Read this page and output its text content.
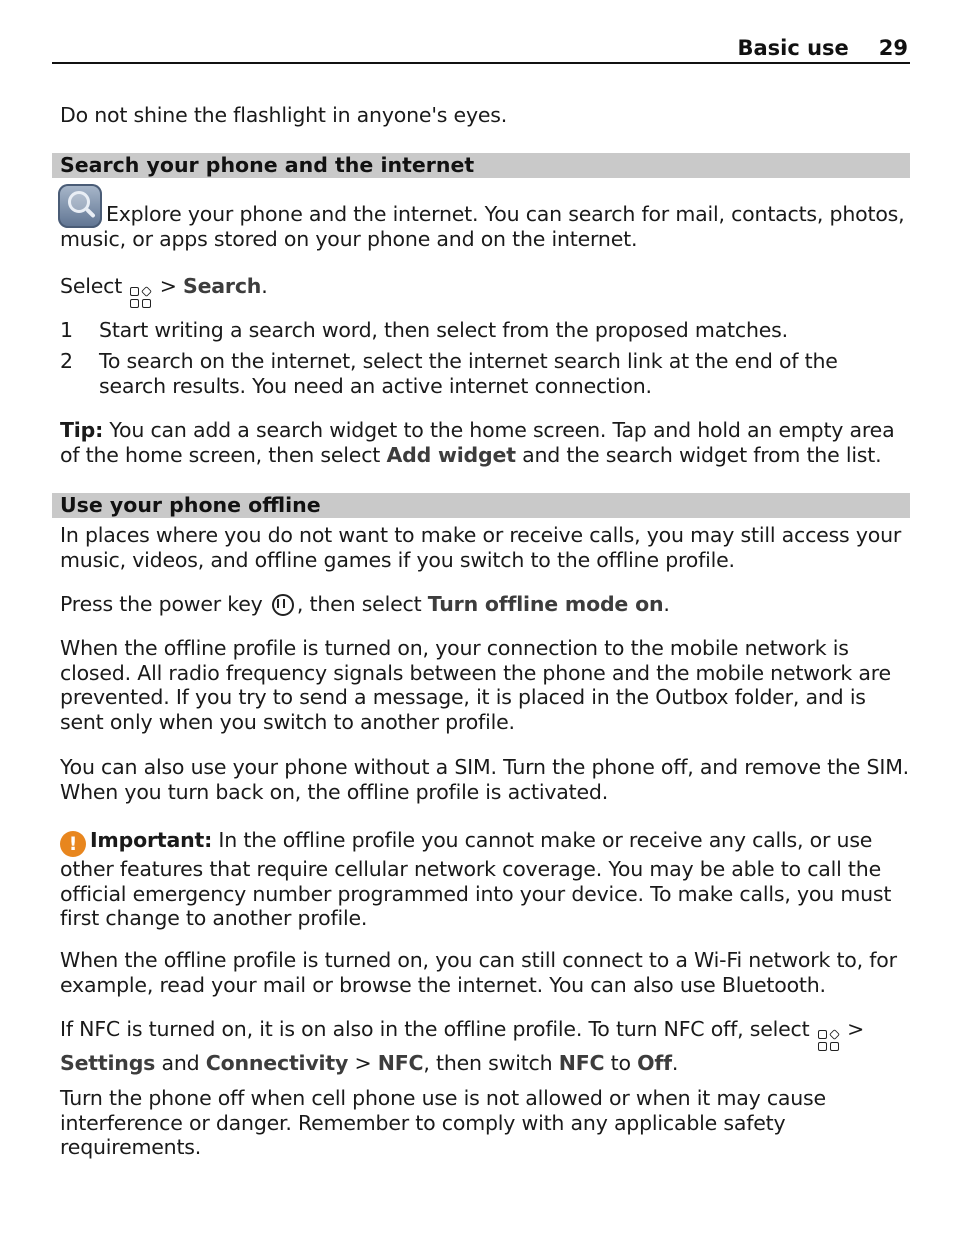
Basic use 29

Do not shine the flashlight in anyone's eyes.

Search your phone and the internet

Explore your phone and the internet. You can search for mail, contacts, photos, music, or apps stored on your phone and on the internet.

Select > Search.

1	Start writing a search word, then select from the proposed matches.

2	To search on the internet, select the internet search link at the end of the search results. You need an active internet connection.

Tip: You can add a search widget to the home screen. Tap and hold an empty area of the home screen, then select Add widget and the search widget from the list.

Use your phone offline

In places where you do not want to make or receive calls, you may still access your music, videos, and offline games if you switch to the offline profile.

Press the power key , then select Turn offline mode on.

When the offline profile is turned on, your connection to the mobile network is closed. All radio frequency signals between the phone and the mobile network are prevented. If you try to send a message, it is placed in the Outbox folder, and is sent only when you switch to another profile.

You can also use your phone without a SIM. Turn the phone off, and remove the SIM. When you turn back on, the offline profile is activated.

! Important: In the offline profile you cannot make or receive any calls, or use other features that require cellular network coverage. You may be able to call the official emergency number programmed into your device. To make calls, you must first change to another profile.

When the offline profile is turned on, you can still connect to a Wi-Fi network to, for example, read your mail or browse the internet. You can also use Bluetooth.

If NFC is turned on, it is on also in the offline profile. To turn NFC off, select
> Settings and Connectivity > NFC, then switch NFC to Off.

Turn the phone off when cell phone use is not allowed or when it may cause interference or danger. Remember to comply with any applicable safety requirements.
